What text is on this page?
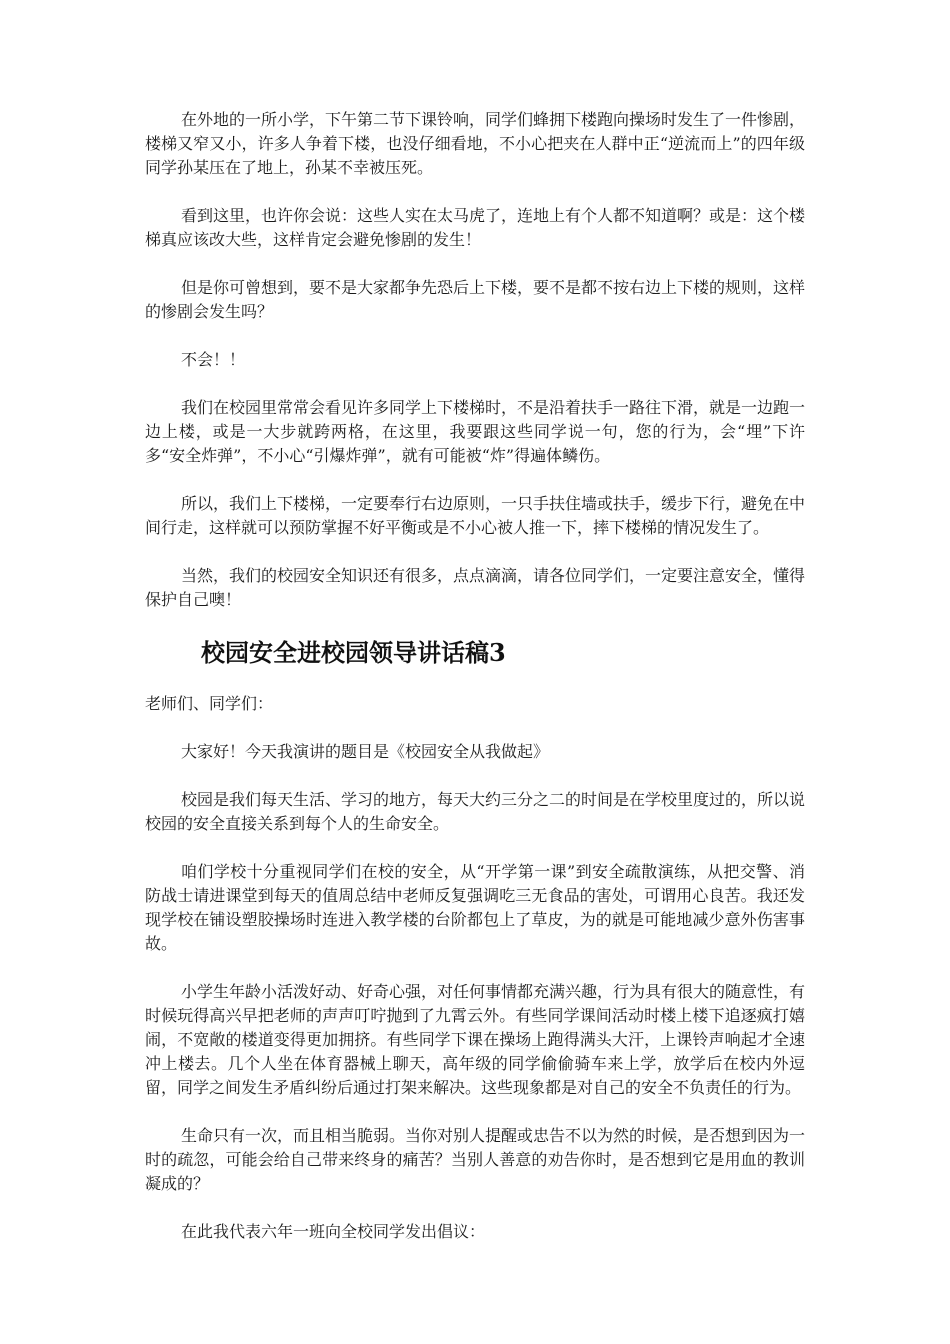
在外地的一所小学，下午第二节下课铃响，同学们蜂拥下楼跑向操场时发生了一件惨剧，楼梯又窄又小，许多人争着下楼，也没仔细看地，不小心把夹在人群中正“逆流而上”的四年级同学孙某压在了地上，孙某不幸被压死。

看到这里，也许你会说：这些人实在太马虎了，连地上有个人都不知道啊？或是：这个楼梯真应该改大些，这样肯定会避免惨剧的发生！

但是你可曾想到，要不是大家都争先恐后上下楼，要不是都不按右边上下楼的规则，这样的惨剧会发生吗？

不会！！

我们在校园里常常会看见许多同学上下楼梯时，不是沿着扶手一路往下滑，就是一边跑一边上楼，或是一大步就跨两格，在这里，我要跟这些同学说一句，您的行为，会“埋”下许多“安全炸弹”，不小心“引爆炸弹”，就有可能被“炸”得遍体鳞伤。

所以，我们上下楼梯，一定要奉行右边原则，一只手扶住墙或扶手，缓步下行，避免在中间行走，这样就可以预防掌握不好平衡或是不小心被人推一下，摔下楼梯的情况发生了。

当然，我们的校园安全知识还有很多，点点滴滴，请各位同学们，一定要注意安全，懂得保护自己噢！

校园安全进校园领导讲话稿3

老师们、同学们：

大家好！今天我演讲的题目是《校园安全从我做起》

校园是我们每天生活、学习的地方，每天大约三分之二的时间是在学校里度过的，所以说校园的安全直接关系到每个人的生命安全。

咱们学校十分重视同学们在校的安全，从“开学第一课”到安全疏散演练，从把交警、消防战士请进课堂到每天的值周总结中老师反复强调吃三无食品的害处，可谓用心良苦。我还发现学校在铺设塑胶操场时连进入教学楼的台阶都包上了草皮，为的就是可能地减少意外伤害事故。

小学生年龄小活泼好动、好奇心强，对任何事情都充满兴趣，行为具有很大的随意性，有时候玩得高兴早把老师的声声叮咛抛到了九霄云外。有些同学课间活动时楼上楼下追逐疯打嬉闹，不宽敞的楼道变得更加拥挤。有些同学下课在操场上跑得满头大汗，上课铃声响起才全速冲上楼去。几个人坐在体育器械上聊天，高年级的同学偷偷骑车来上学，放学后在校内外逗留，同学之间发生矛盾纠纷后通过打架来解决。这些现象都是对自己的安全不负责任的行为。

生命只有一次，而且相当脆弱。当你对别人提醒或忠告不以为然的时候，是否想到因为一时的疏忽，可能会给自己带来终身的痛苦？当别人善意的劝告你时，是否想到它是用血的教训凝成的？

在此我代表六年一班向全校同学发出倡议：
